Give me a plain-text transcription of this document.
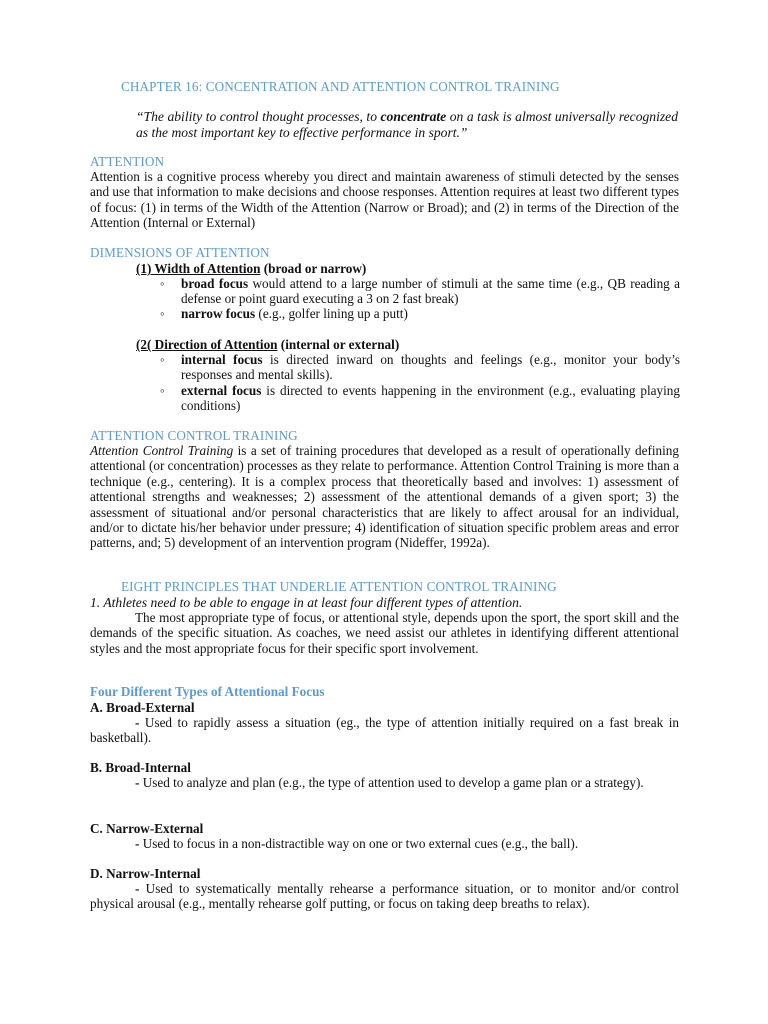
CHAPTER 16: CONCENTRATION AND ATTENTION CONTROL TRAINING

“The ability to control thought processes, to concentrate on a task is almost universally recognized as the most important key to effective performance in sport.”

ATTENTION

Attention is a cognitive process whereby you direct and maintain awareness of stimuli detected by the senses and use that information to make decisions and choose responses. Attention requires at least two different types of focus: (1) in terms of the Width of the Attention (Narrow or Broad); and (2) in terms of the Direction of the Attention (Internal or External)

DIMENSIONS OF ATTENTION
(1) Width of Attention (broad or narrow)
◦	broad focus would attend to a large number of stimuli at the same time (e.g., QB reading a defense or point guard executing a 3 on 2 fast break)
◦	narrow focus (e.g., golfer lining up a putt)
(2( Direction of Attention (internal or external)
◦	internal focus is directed inward on thoughts and feelings (e.g., monitor your body’s responses and mental skills).
◦	external focus is directed to events happening in the environment (e.g., evaluating playing conditions)
ATTENTION CONTROL TRAINING

Attention Control Training is a set of training procedures that developed as a result of operationally defining attentional (or concentration) processes as they relate to performance. Attention Control Training is more than a technique (e.g., centering). It is a complex process that theoretically based and involves: 1) assessment of attentional strengths and weaknesses; 2) assessment of the attentional demands of a given sport; 3) the assessment of situational and/or personal characteristics that are likely to affect arousal for an individual, and/or to dictate his/her behavior under pressure; 4) identification of situation specific problem areas and error patterns, and; 5) development of an intervention program (Nideffer, 1992a).

EIGHT PRINCIPLES THAT UNDERLIE ATTENTION CONTROL TRAINING
1. Athletes need to be able to engage in at least four different types of attention.

The most appropriate type of focus, or attentional style, depends upon the sport, the sport skill and the demands of the specific situation. As coaches, we need assist our athletes in identifying different attentional styles and the most appropriate focus for their specific sport involvement.

Four Different Types of Attentional Focus
A. Broad-External

- Used to rapidly assess a situation (eg., the type of attention initially required on a fast break in basketball).

B. Broad-Internal

- Used to analyze and plan (e.g., the type of attention used to develop a game plan or a strategy).

C. Narrow-External

- Used to focus in a non-distractible way on one or two external cues (e.g., the ball).

D. Narrow-Internal

- Used to systematically mentally rehearse a performance situation, or to monitor and/or control physical arousal (e.g., mentally rehearse golf putting, or focus on taking deep breaths to relax).
